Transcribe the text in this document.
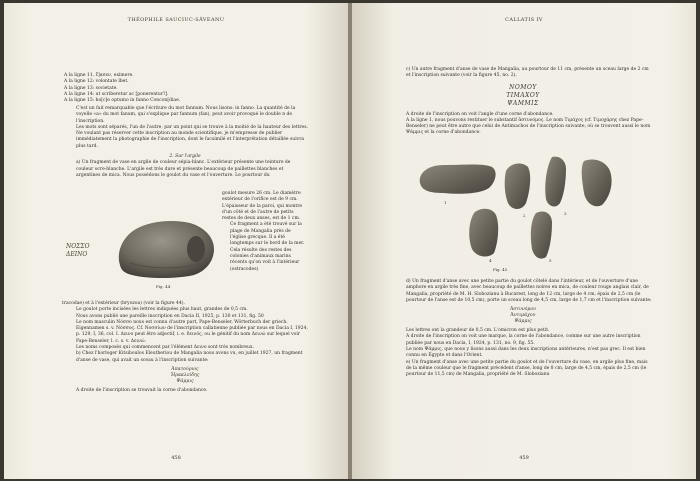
THÉOPHILE SAUCIUC-SĂVEANU

A la ligne 11, ἔ]ασεν, eximere.

A la ligne 12: volontate lbet.

A la ligne 13: societate.

A la ligne 14: ut scriberetur ac [ponerentur?].

A la ligne 15: ho[c]e optumo in fanno Concon[diae.

C'est un fait remarquable que l'écriture du mot fannum. Nous lisons: in fanno. La quantité de la voyelle «a» du mot fanum, qui s'explique par fannum (fan), peut avoir provoqué le double n de l'inscription.

Les mots sont séparés, l'un de l'autre, par un point qui se trouve à la moitié de la hauteur des lettres.

Ne voulant pas réserver cette inscription au monde scientifique, je m'empresse de publier immédiatement la photographie de l'inscription, dont le facsimilé et l'interprétation détaillée suivra plus tard.

2. Sur l'argile

a) Un fragment de vase en argile de couleur sépia-blanc. L'extérieur présente une teinture de couleur ocre-blanche. L'argile est très dure et présente beaucoup de paillettes blanches et argentines de mica. Nous possédons le goulot du vase et l'ouverture. Le pourtour du

ΝΟΣΣΟ
ΔΕΙΝΟ
Fig. 44

goulot mesure 26 cm. Le diamètre extérieur de l'orifice est de 9 cm. L'épaisseur de la paroi, qui montre d'un côté et de l'autre de petits restes de deux anses, est de 1 cm.

Ce fragment a été trouvé sur la plage de Mangalia près de l'église grecque. Il a été longtemps sur le bord de la mer. Cela résulte des restes des colonies d'animaux marins récents qu'on voit à l'intérieur (ostracodes)

tracodae) et à l'extérieur (bryozoa) (voir la figure 44).

Le goulot porte incisées les lettres indiquées plus haut, grandes de 0,5 cm.

Nous avons publié une pareille inscription en Dacia II, 1925, p. 130 et 131, fig. 50

Le nom masculin Νόσσο nous est connu d'autre part, Pape-Benseler, Wörterbuch der griech. Eigennamen s. v. Νόσσος. Cf. Νοσσίων de l'inscription callatienne publiée par nous en Dacia I, 1924, p. 129, I, 36, col. I. Δεινο peut être adjectif, i. e. δεινός, ou le génitif du nom Δεινώ sur lequel voir Pape-Benseler, l. c. s. v. Δεινώ.

Les noms composés qui commencent par l'élément Δεινο sont très nombreux.

b) Chez l'horloger Kitsiboulos Eleutheriou de Mangalia nous avons vu, en juillet 1927, un fragment d'anse de vase, qui avait un sceau à l'inscription suivante:

Ἀπατούριος
Ἡρακλείδης
Ψάμμις

A droite de l'inscription se trouvait la corne d'abondance.

458
CALLATIS IV

c) Un autre fragment d'anse de vase de Mangalia, au pourtour de 11 cm, présente un sceau large de 2 cm et l'inscription suivante (voir la figure 45, no. 2).

ΝΟΜΟΥ
ΤΙΜΑΧΟΥ
ΨΑΜΜΙΣ

A droite de l'inscription on voit l'angle d'une corne d'abondance.

A la ligne 1, nous pouvons restituer le substantif ἀστυνόμος. Le nom Τιμάχος (cf. Τιμοχάρης chez Pape-Benseler) ne peut être autre que celui de Antimachos de l'inscription suivante, où se trouvent aussi le nom Ψάμμις et la corne d'abondance.

1
2	3
4	5
Fig. 45

d) Un fragment d'anse avec une petite partie du goulot côtelé dans l'intérieur, et de l'ouverture d'une amphore en argile très fine, avec beaucoup de paillettes noires en mica, de couleur rouge anglais clair, de Mangalia, propriété de M. H. Slobozianu à Bucarest, long de 12 cm, large de 4 cm, épais de 2,5 cm (le pourtour de l'anse est de 10,5 cm), porte un sceau long de 4,5 cm, large de 1,7 cm et l'inscription suivante:

Ἀστυνόμου
Ἀντιμάχου
Ψάμμις

Les lettres ont la grandeur de 0,5 cm. L'omicron est plus petit.

A droite de l'inscription on voit une marque, la corne de l'abondance, comme sur une autre inscription publiée par nous en Dacia, I, 1924, p. 131, no. 9, fig. 55.

Le nom Ψάμμις, que nous y lisons aussi dans les deux inscriptions antérieures, n'est pas grec. Il est bien connu en Égypte et dans l'Orient.

e) Un fragment d'anse avec une petite partie du goulot et de l'ouverture du vase, en argile plus fine, mais de la même couleur que le fragment précédent d'anse, long de 8 cm, large de 4,5 cm, épais de 2,5 cm (le pourtour de 11,5 cm) de Mangalia, propriété de M. Slobozianu

459
